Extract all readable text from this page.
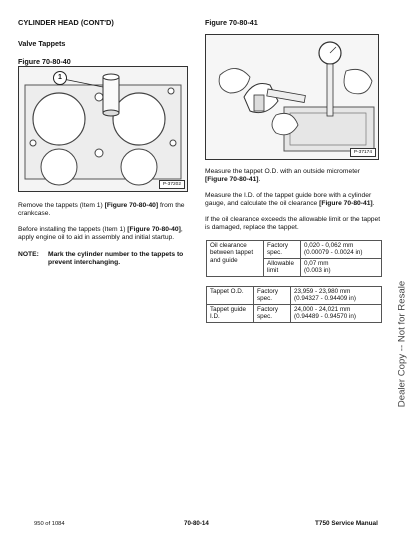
CYLINDER HEAD (CONT'D)
Valve Tappets
Figure 70-80-40
1
P-37202
Remove the tappets (Item 1) [Figure 70-80-40] from the crankcase.
Before installing the tappets (Item 1) [Figure 70-80-40], apply engine oil to aid in assembly and initial startup.
NOTE:	Mark the cylinder number to the tappets to prevent interchanging.
Figure 70-80-41
P-37174
Measure the tappet O.D. with an outside micrometer [Figure 70-80-41].
Measure the I.D. of the tappet guide bore with a cylinder gauge, and calculate the oil clearance [Figure 70-80-41].
If the oil clearance exceeds the allowable limit or the tappet is damaged, replace the tappet.
Oil clearance between tappet and guide	Factory spec.	0,020 - 0,062 mm
(0.00079 - 0.0024 in)

	Allowable limit	0,07 mm
(0.003 in)
Tappet O.D.	Factory spec.	23,959 - 23,980 mm
(0.94327 - 0.94409 in)

Tappet guide I.D.	Factory spec.	24,000 - 24,021 mm
(0.94489 - 0.94570 in)	Dealer Copy -- Not for Resale
950 of 1084	70-80-14	T750 Service Manual
